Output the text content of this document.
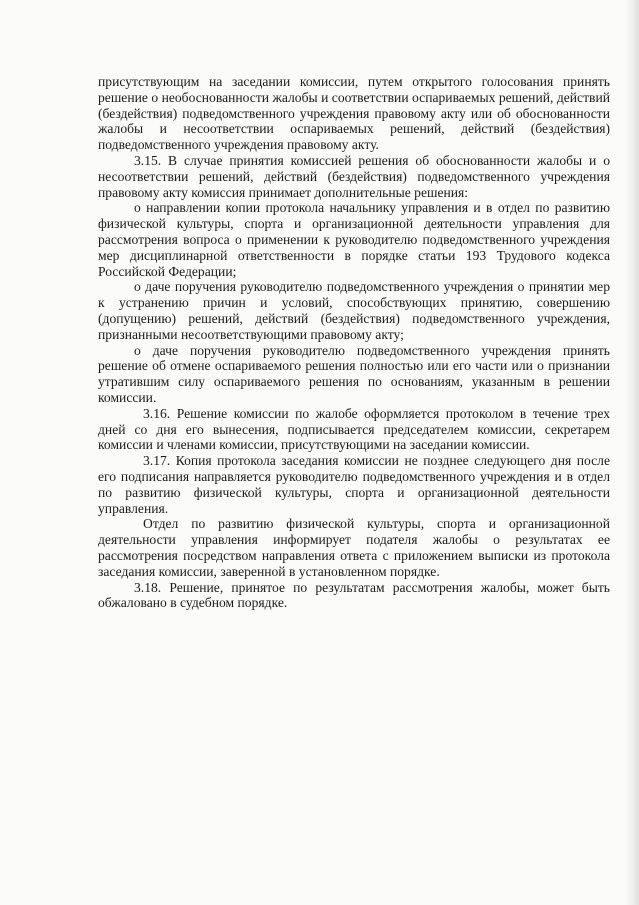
присутствующим на заседании комиссии, путем открытого голосования принять решение о необоснованности жалобы и соответствии оспариваемых решений, действий (бездействия) подведомственного учреждения правовому акту или об обоснованности жалобы и несоответствии оспариваемых решений, действий (бездействия) подведомственного учреждения правовому акту.

3.15. В случае принятия комиссией решения об обоснованности жалобы и о несоответствии решений, действий (бездействия) подведомственного учреждения правовому акту комиссия принимает дополнительные решения:

о направлении копии протокола начальнику управления и в отдел по развитию физической культуры, спорта и организационной деятельности управления для рассмотрения вопроса о применении к руководителю подведомственного учреждения мер дисциплинарной ответственности в порядке статьи 193 Трудового кодекса Российской Федерации;

о даче поручения руководителю подведомственного учреждения о принятии мер к устранению причин и условий, способствующих принятию, совершению (допущению) решений, действий (бездействия) подведомственного учреждения, признанными несоответствующими правовому акту;

о даче поручения руководителю подведомственного учреждения принять решение об отмене оспариваемого решения полностью или его части или о признании утратившим силу оспариваемого решения по основаниям, указанным в решении комиссии.

3.16. Решение комиссии по жалобе оформляется протоколом в течение трех дней со дня его вынесения, подписывается председателем комиссии, секретарем комиссии и членами комиссии, присутствующими на заседании комиссии.

3.17. Копия протокола заседания комиссии не позднее следующего дня после его подписания направляется руководителю подведомственного учреждения и в отдел по развитию физической культуры, спорта и организационной деятельности управления.

Отдел по развитию физической культуры, спорта и организационной деятельности управления информирует подателя жалобы о результатах ее рассмотрения посредством направления ответа с приложением выписки из протокола заседания комиссии, заверенной в установленном порядке.

3.18. Решение, принятое по результатам рассмотрения жалобы, может быть обжаловано в судебном порядке.
